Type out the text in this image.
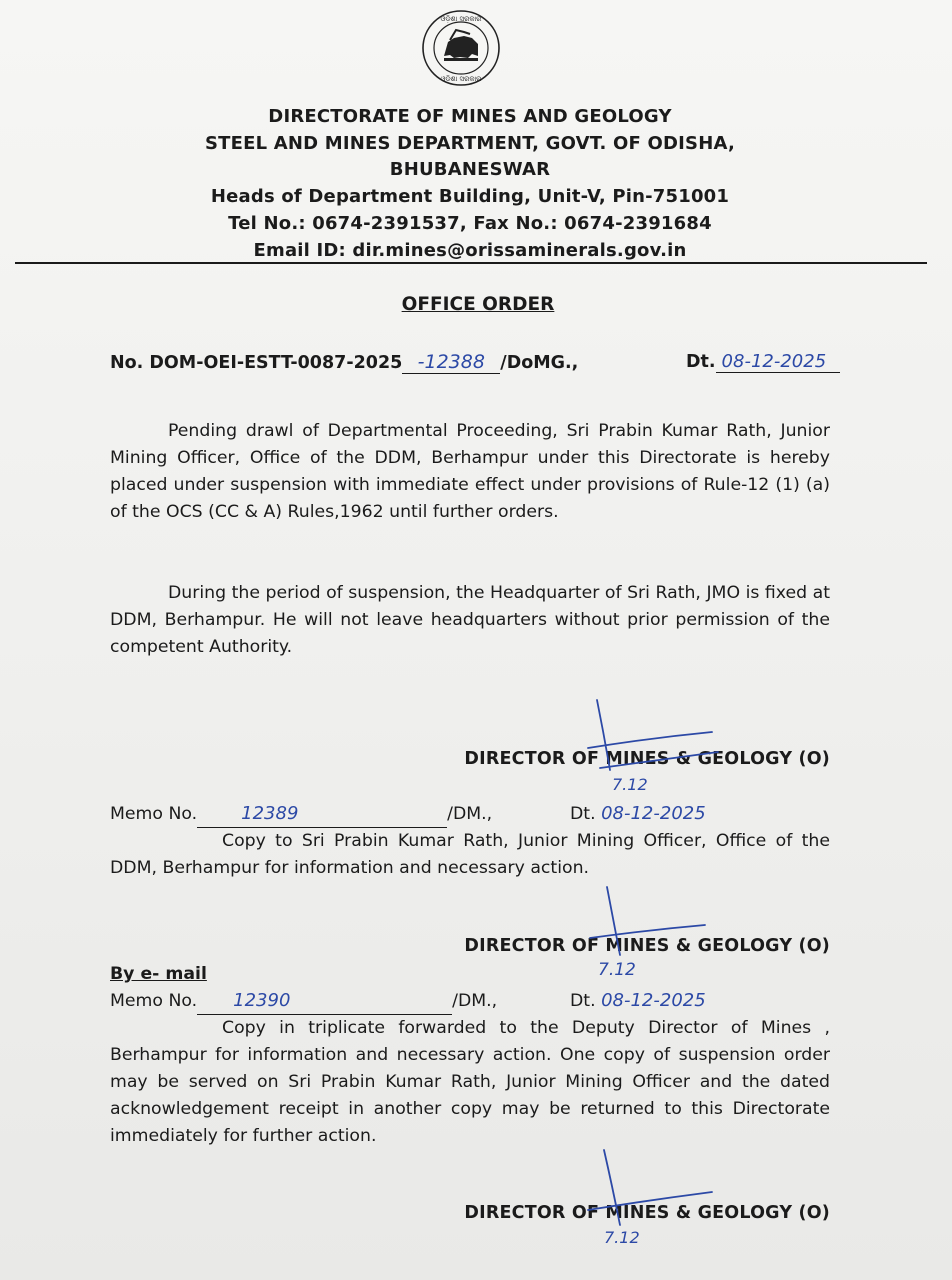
ଓଡ଼ିଶା ସରକାର
ଓଡ଼ିଶା ସରକାର
DIRECTORATE OF MINES AND GEOLOGY
STEEL AND MINES DEPARTMENT, GOVT. OF ODISHA,
BHUBANESWAR
Heads of Department Building, Unit-V, Pin-751001
Tel No.: 0674-2391537, Fax No.: 0674-2391684
Email ID: dir.mines@orissaminerals.gov.in
OFFICE ORDER
No. DOM-OEI-ESTT-0087-2025 -12388 /DoMG.,	Dt. 08-12-2025
Pending drawl of Departmental Proceeding, Sri Prabin Kumar Rath, Junior Mining Officer, Office of the DDM, Berhampur under this Directorate is hereby placed under suspension with immediate effect under provisions of Rule-12 (1) (a) of the OCS (CC & A) Rules,1962 until further orders.
During the period of suspension, the Headquarter of Sri Rath, JMO is fixed at DDM, Berhampur. He will not leave headquarters without prior permission of the competent Authority.
DIRECTOR OF MINES & GEOLOGY (O)
Memo No. 12389	/DM.,	Dt. 08-12-2025
Copy to Sri Prabin Kumar Rath, Junior Mining Officer, Office of the DDM, Berhampur for information and necessary action.
DIRECTOR OF MINES & GEOLOGY (O)
By e- mail
Memo No. 12390	/DM.,	Dt. 08-12-2025
Copy in triplicate forwarded to the Deputy Director of Mines , Berhampur for information and necessary action. One copy of suspension order may be served on Sri Prabin Kumar Rath, Junior Mining Officer and the dated acknowledgement receipt in another copy may be returned to this Directorate immediately for further action.
DIRECTOR OF MINES & GEOLOGY (O)
7.12
7.12
7.12
